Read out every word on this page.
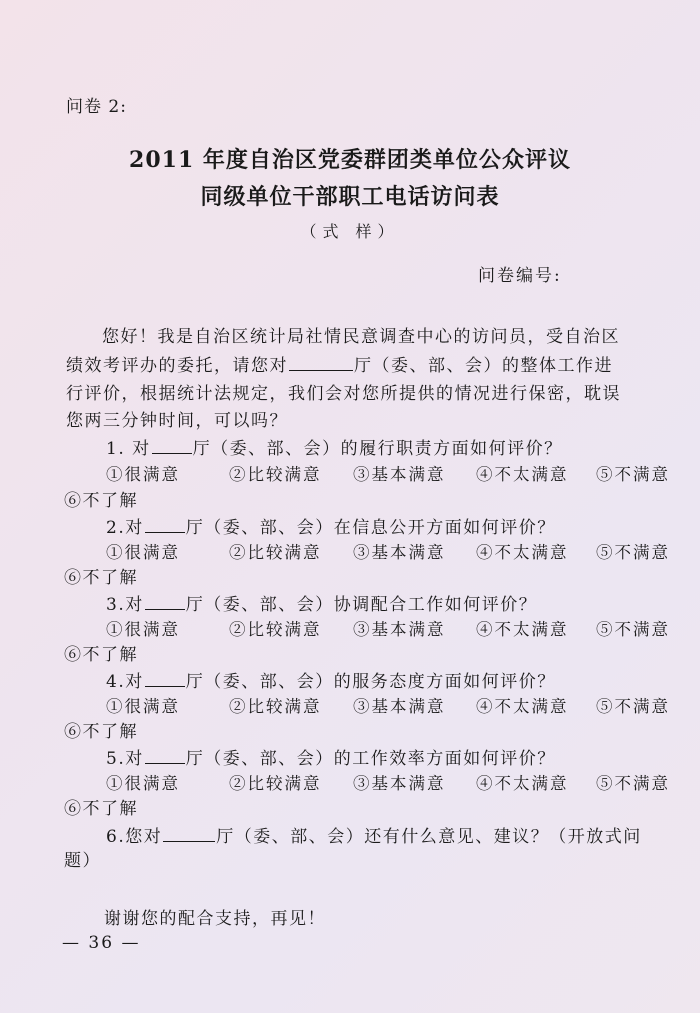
问卷 2:
2011 年度自治区党委群团类单位公众评议
同级单位干部职工电话访问表
（式 样）
问卷编号:
您好！我是自治区统计局社情民意调查中心的访问员，受自治区
绩效考评办的委托，请您对	厅（委、部、会）的整体工作进
行评价，根据统计法规定，我们会对您所提供的情况进行保密，耽误
您两三分钟时间，可以吗？
1. 对 厅（委、部、会）的履行职责方面如何评价？
①很满意	②比较满意 ③基本满意 ④不太满意 ⑤不满意
⑥不了解
2.对 厅（委、部、会）在信息公开方面如何评价？
①很满意	②比较满意 ③基本满意 ④不太满意 ⑤不满意
⑥不了解
3.对 厅（委、部、会）协调配合工作如何评价？
①很满意	②比较满意 ③基本满意 ④不太满意 ⑤不满意
⑥不了解
4.对 厅（委、部、会）的服务态度方面如何评价？
①很满意	②比较满意 ③基本满意 ④不太满意 ⑤不满意
⑥不了解
5.对 厅（委、部、会）的工作效率方面如何评价？
①很满意	②比较满意 ③基本满意 ④不太满意 ⑤不满意
⑥不了解
6.您对	厅（委、部、会）还有什么意见、建议？（开放式问
题）
谢谢您的配合支持，再见！
— 36 —
